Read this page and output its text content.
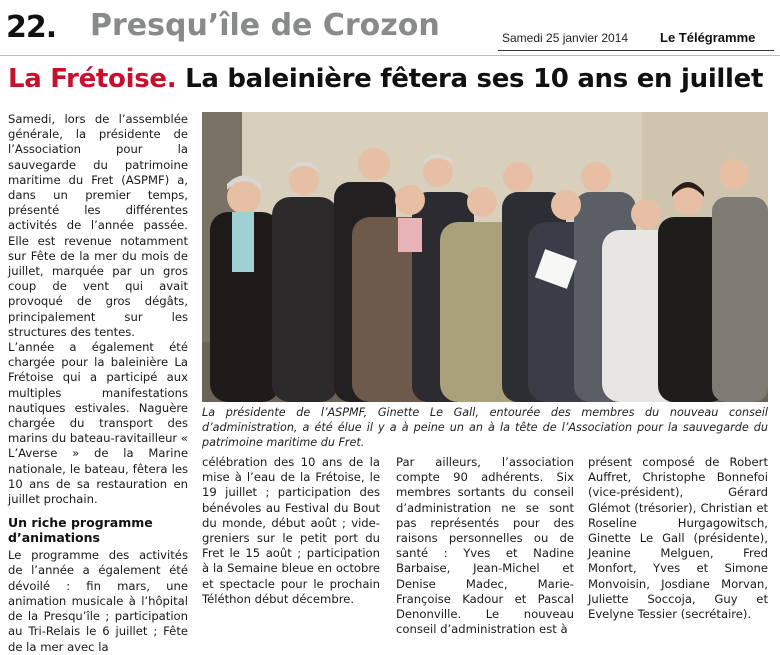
22. Presqu’île de Crozon	Samedi 25 janvier 2014 Le Télégramme
La Frétoise. La baleinière fêtera ses 10 ans en juillet

Samedi, lors de l’assemblée générale, la présidente de l’Association pour la sauvegarde du patrimoine maritime du Fret (ASPMF) a, dans un premier temps, présenté les différentes activités de l’année passée. Elle est revenue notamment sur Fête de la mer du mois de juillet, marquée par un gros coup de vent qui avait provoqué de gros dégâts, principalement sur les structures des tentes.

L’année a également été chargée pour la baleinière La Frétoise qui a participé aux multiples manifestations nautiques estivales. Naguère chargée du transport des marins du bateau-ravitailleur « L’Averse » de la Marine nationale, le bateau, fêtera les 10 ans de sa restauration en juillet prochain.

Un riche programme d’animations

Le programme des activités de l’année a également été dévoilé : fin mars, une animation musicale à l’hôpital de la Presqu’île ; participation au Tri-Relais le 6 juillet ; Fête de la mer avec la

La présidente de l’ASPMF, Ginette Le Gall, entourée des membres du nouveau conseil d’administration, a été élue il y a à peine un an à la tête de l’Association pour la sauvegarde du patrimoine maritime du Fret.

célébration des 10 ans de la mise à l’eau de la Frétoise, le 19 juillet ; participation des bénévoles au Festival du Bout du monde, début août ; vide-greniers sur le petit port du Fret le 15 août ; participation à la Semaine bleue en octobre et spectacle pour le prochain Téléthon début décembre.

Par ailleurs, l’association compte 90 adhérents. Six membres sortants du conseil d’administration ne se sont pas représentés pour des raisons personnelles ou de santé : Yves et Nadine Barbaise, Jean-Michel et Denise Madec, Marie-Françoise Kadour et Pascal Denonville. Le nouveau conseil d’administration est à

présent composé de Robert Auffret, Christophe Bonnefoi (vice-président), Gérard Glémot (trésorier), Christian et Roseline Hurgagowitsch, Ginette Le Gall (présidente), Jeanine Melguen, Fred Monfort, Yves et Simone Monvoisin, Josdiane Morvan, Juliette Soccoja, Guy et Evelyne Tessier (secrétaire).
